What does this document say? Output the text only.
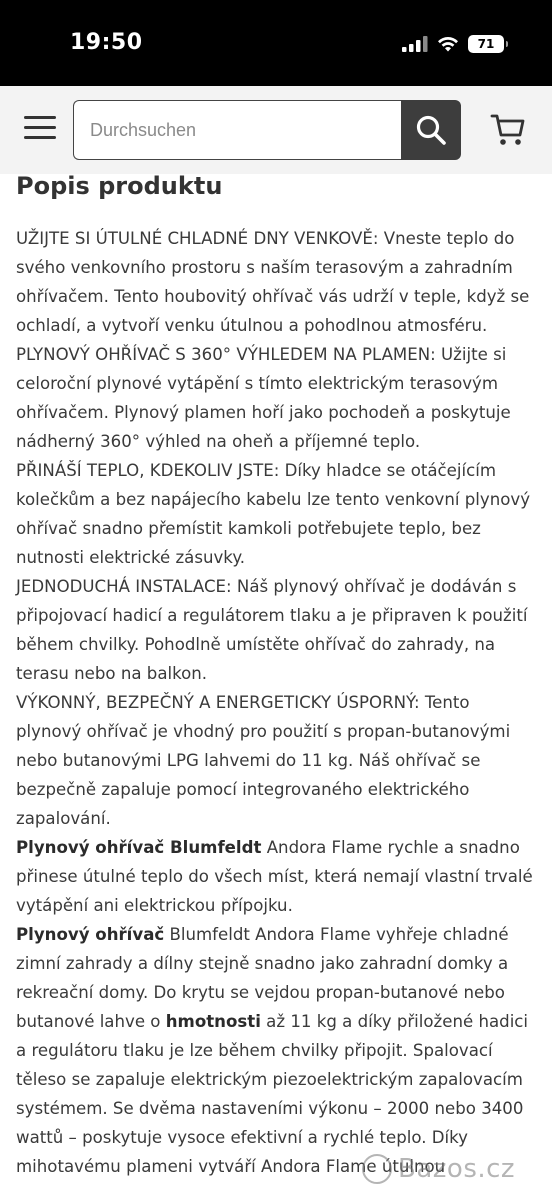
19:50	71
Durchsuchen
Popis produktu

UŽIJTE SI ÚTULNÉ CHLADNÉ DNY VENKOVĚ: Vneste teplo do svého venkovního prostoru s naším terasovým a zahradním ohřívačem. Tento houbovitý ohřívač vás udrží v teple, když se ochladí, a vytvoří venku útulnou a pohodlnou atmosféru.

PLYNOVÝ OHŘÍVAČ S 360° VÝHLEDEM NA PLAMEN: Užijte si celoroční plynové vytápění s tímto elektrickým terasovým ohřívačem. Plynový plamen hoří jako pochodeň a poskytuje nádherný 360° výhled na oheň a příjemné teplo.

PŘINÁŠÍ TEPLO, KDEKOLIV JSTE: Díky hladce se otáčejícím kolečkům a bez napájecího kabelu lze tento venkovní plynový ohřívač snadno přemístit kamkoli potřebujete teplo, bez nutnosti elektrické zásuvky.

JEDNODUCHÁ INSTALACE: Náš plynový ohřívač je dodáván s připojovací hadicí a regulátorem tlaku a je připraven k použití během chvilky. Pohodlně umístěte ohřívač do zahrady, na terasu nebo na balkon.

VÝKONNÝ, BEZPEČNÝ A ENERGETICKY ÚSPORNÝ: Tento plynový ohřívač je vhodný pro použití s propan-butanovými nebo butanovými LPG lahvemi do 11 kg. Náš ohřívač se bezpečně zapaluje pomocí integrovaného elektrického zapalování.

Plynový ohřívač Blumfeldt Andora Flame rychle a snadno přinese útulné teplo do všech míst, která nemají vlastní trvalé vytápění ani elektrickou přípojku.

Plynový ohřívač Blumfeldt Andora Flame vyhřeje chladné zimní zahrady a dílny stejně snadno jako zahradní domky a rekreační domy. Do krytu se vejdou propan-butanové nebo butanové lahve o hmotnosti až 11 kg a díky přiložené hadici a regulátoru tlaku je lze během chvilky připojit. Spalovací těleso se zapaluje elektrickým piezoelektrickým zapalovacím systémem. Se dvěma nastaveními výkonu – 2000 nebo 3400 wattů – poskytuje vysoce efektivní a rychlé teplo. Díky mihotavému plameni vytváří Andora Flame útulnou

Bazos.cz
